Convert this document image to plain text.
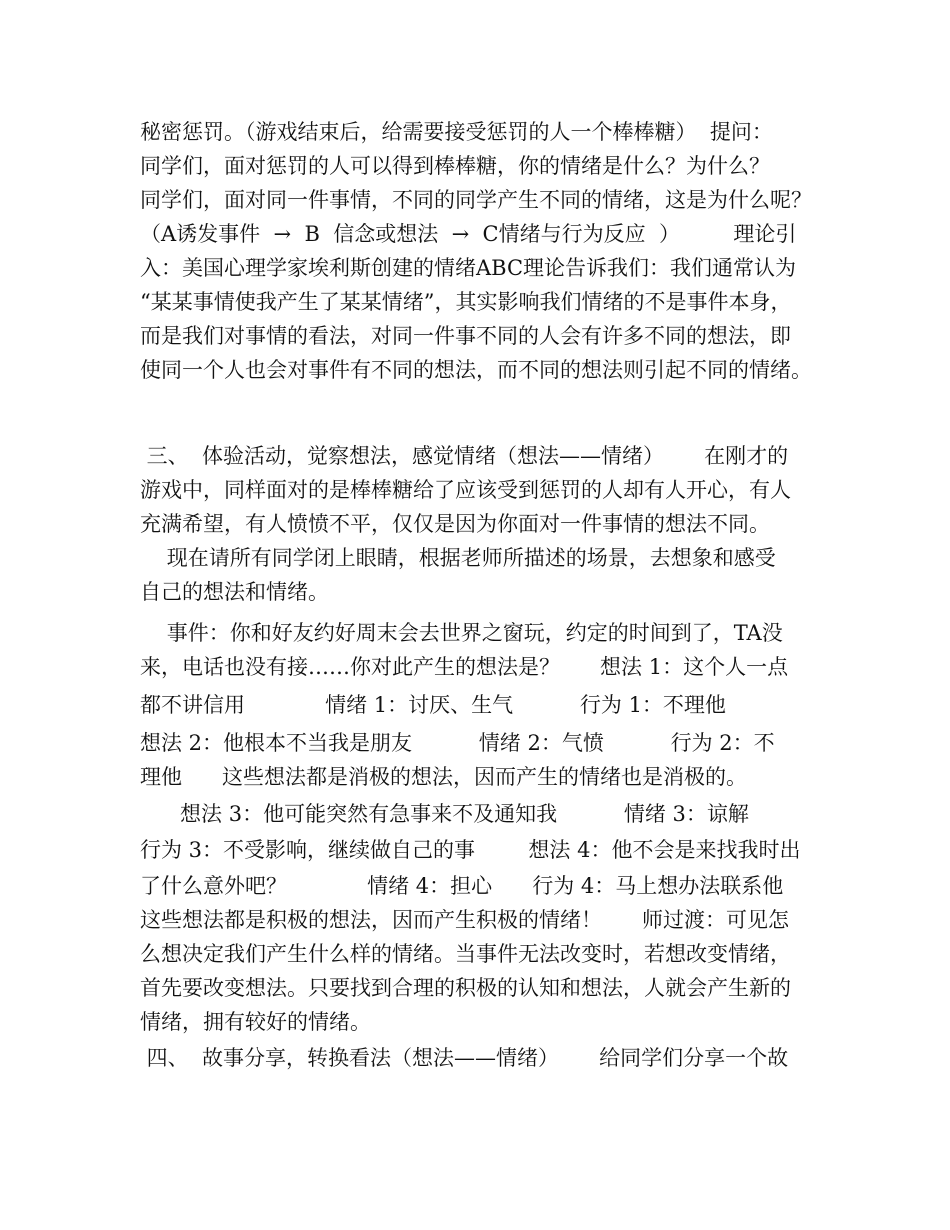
秘密惩罚。（游戏结束后，给需要接受惩罚的人一个棒棒糖）  提问：
同学们，面对惩罚的人可以得到棒棒糖，你的情绪是什么？为什么？
同学们，面对同一件事情，不同的同学产生不同的情绪，这是为什么呢？
（A诱发事件  →  B  信念或想法  →  C情绪与行为反应  ）        理论引
入：美国心理学家埃利斯创建的情绪ABC理论告诉我们：我们通常认为
“某某事情使我产生了某某情绪”，其实影响我们情绪的不是事件本身，
而是我们对事情的看法，对同一件事不同的人会有许多不同的想法，即
使同一个人也会对事件有不同的想法，而不同的想法则引起不同的情绪。
三、  体验活动，觉察想法，感觉情绪（想法——情绪）      在刚才的
游戏中，同样面对的是棒棒糖给了应该受到惩罚的人却有人开心，有人
充满希望，有人愤愤不平，仅仅是因为你面对一件事情的想法不同。
现在请所有同学闭上眼睛，根据老师所描述的场景，去想象和感受
自己的想法和情绪。
事件：你和好友约好周末会去世界之窗玩，约定的时间到了，TA没
来，电话也没有接……你对此产生的想法是？      想法 1：这个人一点
都不讲信用            情绪 1：讨厌、生气          行为 1：不理他
想法 2：他根本不当我是朋友          情绪 2：气愤          行为 2：不
理他      这些想法都是消极的想法，因而产生的情绪也是消极的。
想法 3：他可能突然有急事来不及通知我          情绪 3：谅解
行为 3：不受影响，继续做自己的事        想法 4：他不会是来找我时出
了什么意外吧？            情绪 4：担心      行为 4：马上想办法联系他
这些想法都是积极的想法，因而产生积极的情绪！      师过渡：可见怎
么想决定我们产生什么样的情绪。当事件无法改变时，若想改变情绪，
首先要改变想法。只要找到合理的积极的认知和想法，人就会产生新的
情绪，拥有较好的情绪。
四、  故事分享，转换看法（想法——情绪）      给同学们分享一个故
